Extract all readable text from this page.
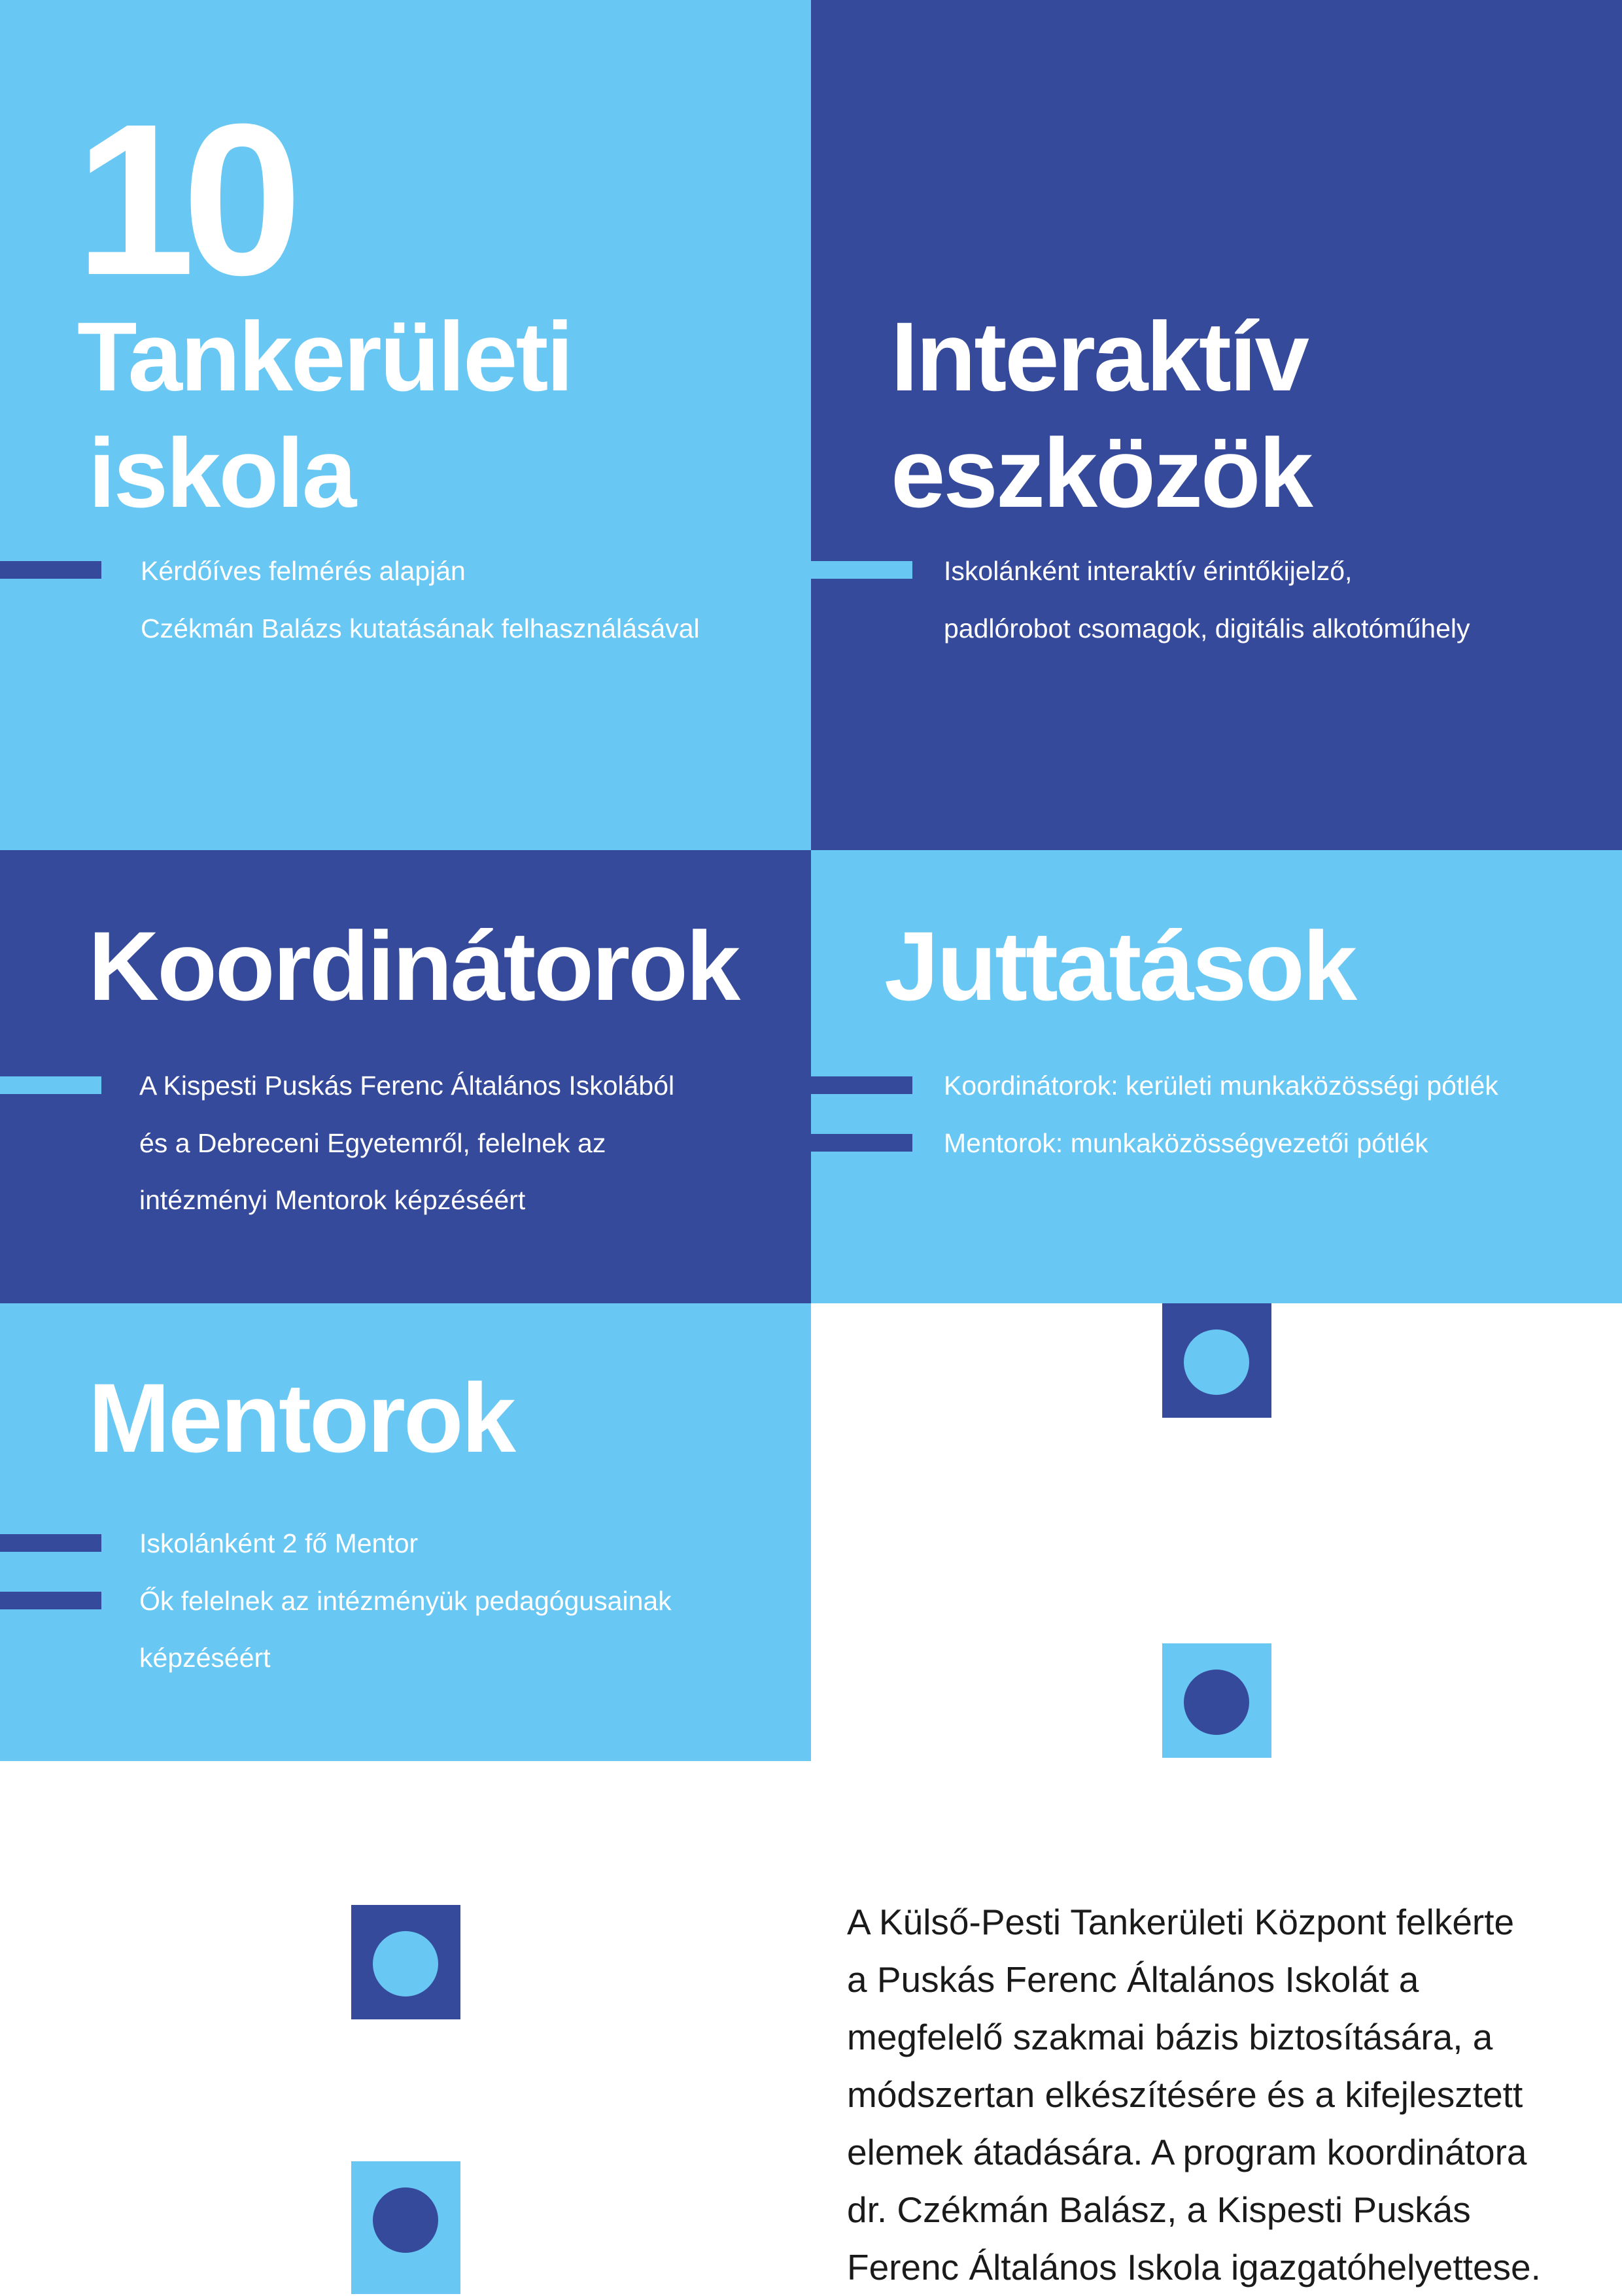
10
Tankerületi
iskola
Kérdőíves felmérés alapján
Czékmán Balázs kutatásának felhasználásával
Interaktív
eszközök
Iskolánként interaktív érintőkijelző,
padlórobot csomagok, digitális alkotóműhely
Koordinátorok
A Kispesti Puskás Ferenc Általános Iskolából
és a Debreceni Egyetemről, felelnek az
intézményi Mentorok képzéséért
Juttatások
Koordinátorok: kerületi munkaközösségi pótlék
Mentorok: munkaközösségvezetői pótlék
Mentorok
Iskolánként 2 fő Mentor
Ők felelnek az intézményük pedagógusainak
képzéséért

A Külső-Pesti Tankerületi Központ felkérte
a Puskás Ferenc Általános Iskolát a
megfelelő szakmai bázis biztosítására, a
módszertan elkészítésére és a kifejlesztett
elemek átadására. A program koordinátora
dr. Czékmán Balász, a Kispesti Puskás
Ferenc Általános Iskola igazgatóhelyettese.
